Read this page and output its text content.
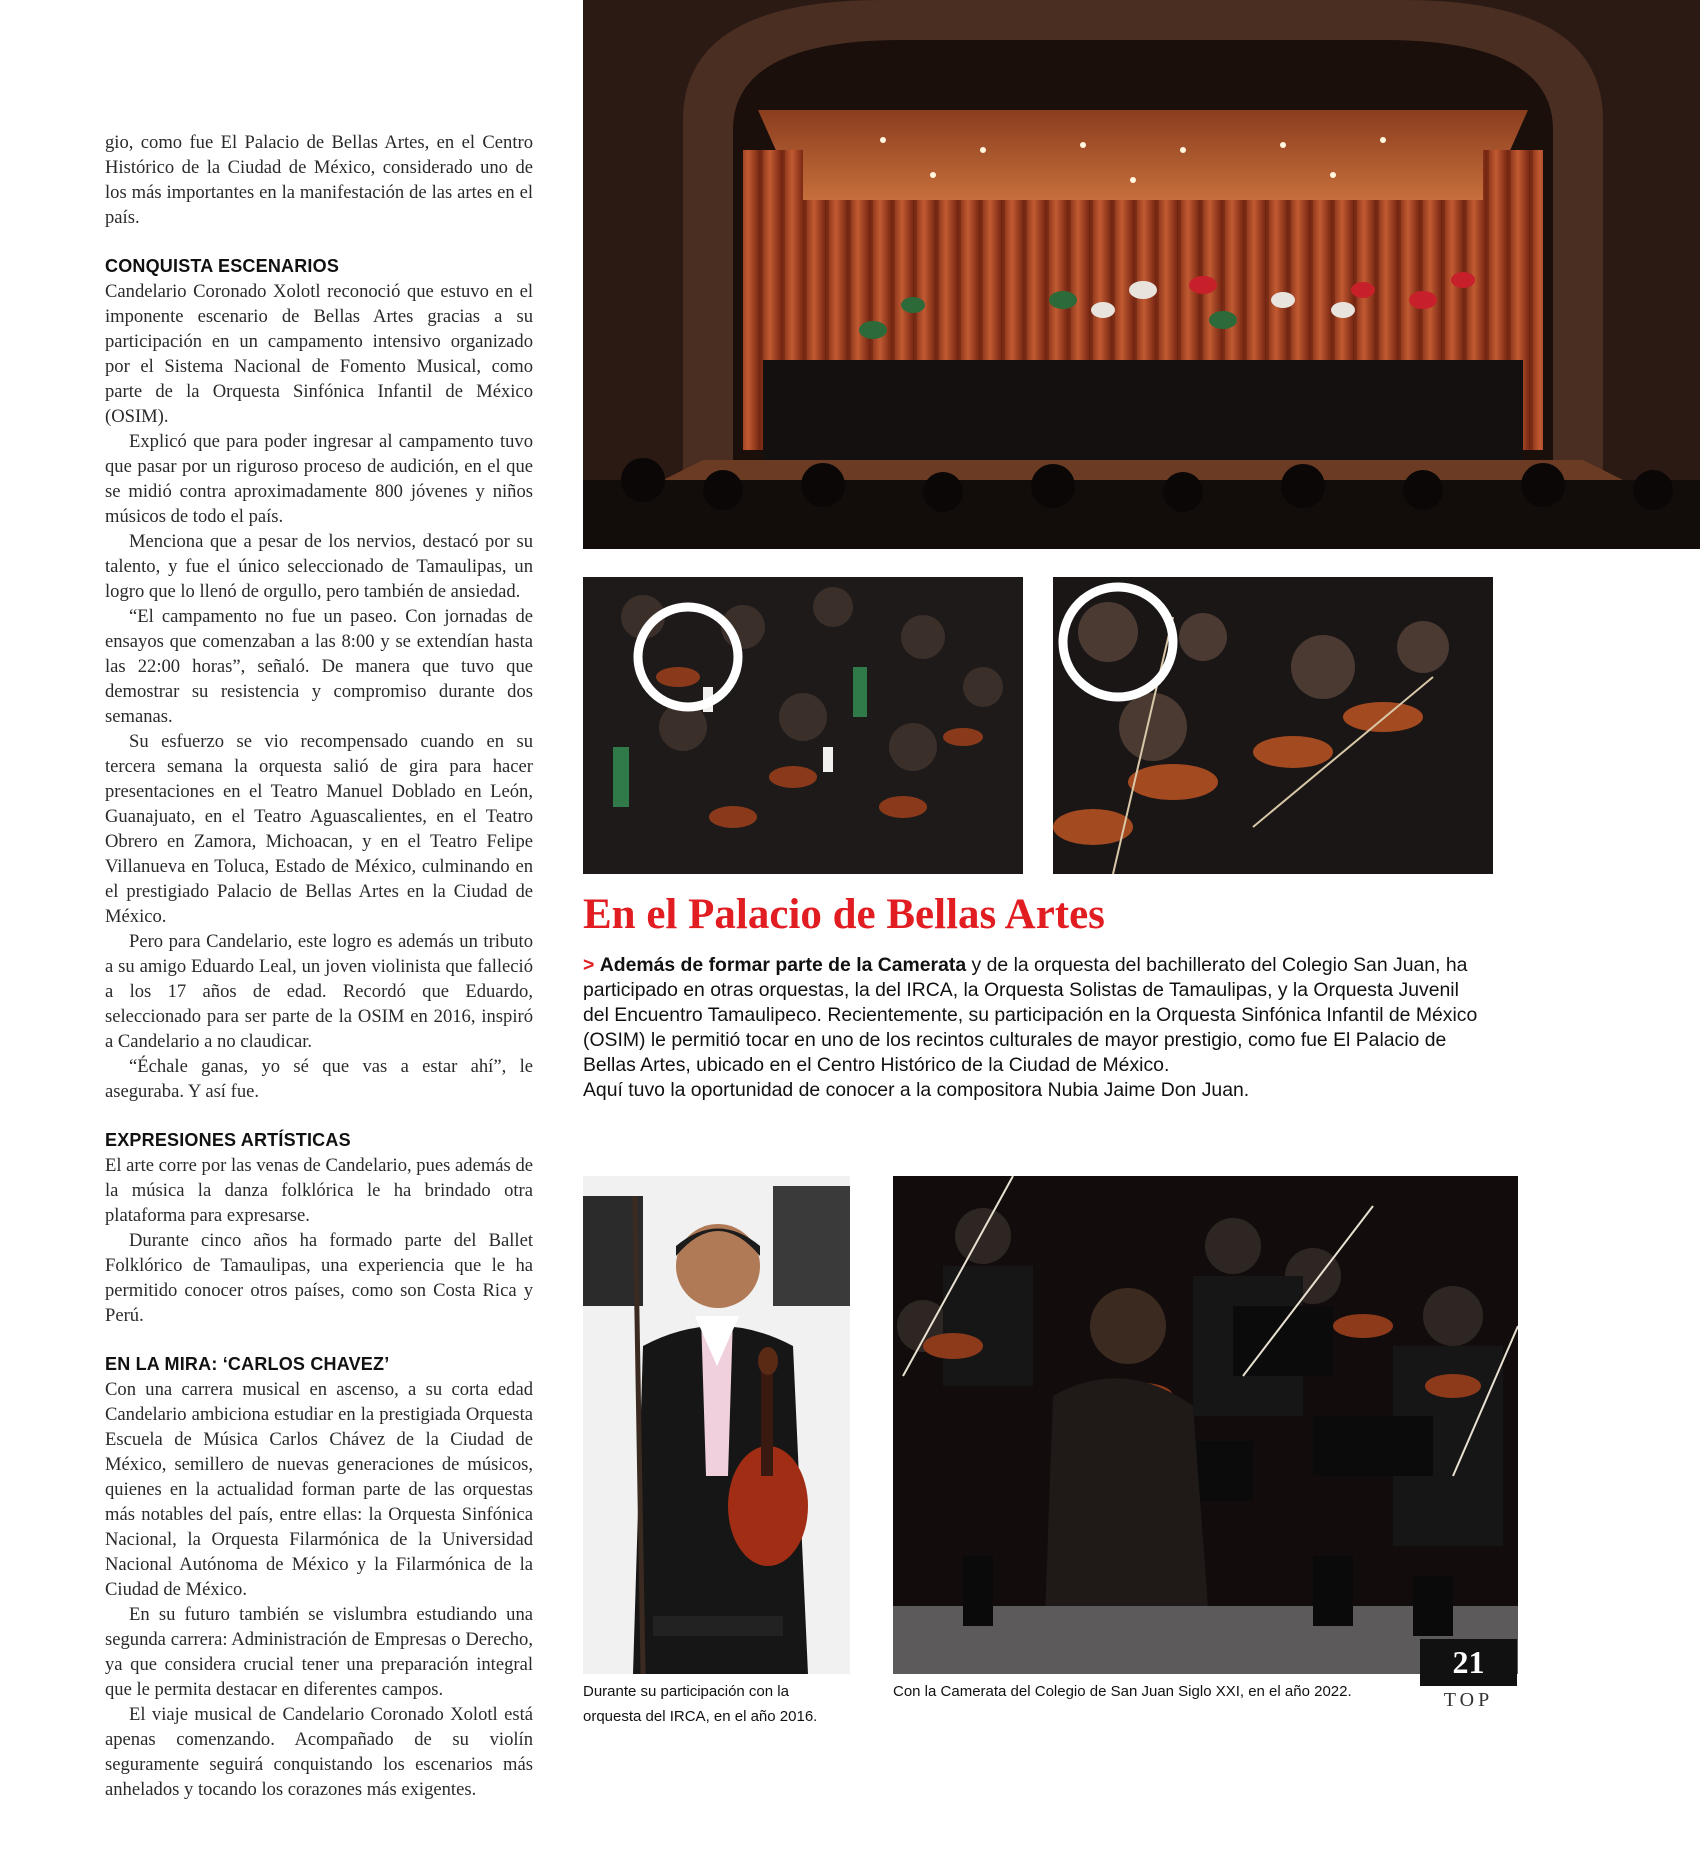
gio, como fue El Palacio de Bellas Artes, en el Centro Histórico de la Ciudad de México, considerado uno de los más importantes en la manifestación de las artes en el país.

CONQUISTA ESCENARIOS

Candelario Coronado Xolotl reconoció que estuvo en el imponente escenario de Bellas Artes gracias a su participación en un campamento intensivo organizado por el Sistema Nacional de Fomento Musical, como parte de la Orquesta Sinfónica Infantil de México (OSIM).

Explicó que para poder ingresar al campamento tuvo que pasar por un riguroso proceso de audición, en el que se midió contra aproximadamente 800 jóvenes y niños músicos de todo el país.

Menciona que a pesar de los nervios, destacó por su talento, y fue el único seleccionado de Tamaulipas, un logro que lo llenó de orgullo, pero también de ansiedad.

“El campamento no fue un paseo. Con jornadas de ensayos que comenzaban a las 8:00 y se extendían hasta las 22:00 horas”, señaló. De manera que tuvo que demostrar su resistencia y compromiso durante dos semanas.

Su esfuerzo se vio recompensado cuando en su tercera semana la orquesta salió de gira para hacer presentaciones en el Teatro Manuel Doblado en León, Guanajuato, en el Teatro Aguascalientes, en el Teatro Obrero en Zamora, Michoacan, y en el Teatro Felipe Villanueva en Toluca, Estado de México, culminando en el prestigiado Palacio de Bellas Artes en la Ciudad de México.

Pero para Candelario, este logro es además un tributo a su amigo Eduardo Leal, un joven violinista que falleció a los 17 años de edad. Recordó que Eduardo, seleccionado para ser parte de la OSIM en 2016, inspiró a Candelario a no claudicar.

“Échale ganas, yo sé que vas a estar ahí”, le aseguraba. Y así fue.

EXPRESIONES ARTÍSTICAS

El arte corre por las venas de Candelario, pues además de la música la danza folklórica le ha brindado otra plataforma para expresarse.

Durante cinco años ha formado parte del Ballet Folklórico de Tamaulipas, una experiencia que le ha permitido conocer otros países, como son Costa Rica y Perú.

EN LA MIRA: ‘CARLOS CHAVEZ’

Con una carrera musical en ascenso, a su corta edad Candelario ambiciona estudiar en la prestigiada Orquesta Escuela de Música Carlos Chávez de la Ciudad de México, semillero de nuevas generaciones de músicos, quienes en la actualidad forman parte de las orquestas más notables del país, entre ellas: la Orquesta Sinfónica Nacional, la Orquesta Filarmónica de la Universidad Nacional Autónoma de México y la Filarmónica de la Ciudad de México.

En su futuro también se vislumbra estudiando una segunda carrera: Administración de Empresas o Derecho, ya que considera crucial tener una preparación integral que le permita destacar en diferentes campos.

El viaje musical de Candelario Coronado Xolotl está apenas comenzando. Acompañado de su violín seguramente seguirá conquistando los escenarios más anhelados y tocando los corazones más exigentes.

En el Palacio de Bellas Artes

> Además de formar parte de la Camerata y de la orquesta del bachillerato del Colegio San Juan, ha participado en otras orquestas, la del IRCA, la Orquesta Solistas de Tamaulipas, y la Orquesta Juvenil del Encuentro Tamaulipeco. Recientemente, su participación en la Orquesta Sinfónica Infantil de México (OSIM) le permitió tocar en uno de los recintos culturales de mayor prestigio, como fue El Palacio de Bellas Artes, ubicado en el Centro Histórico de la Ciudad de México.
Aquí tuvo la oportunidad de conocer a la compositora Nubia Jaime Don Juan.

Durante su participación con la orquesta del IRCA, en el año 2016.
Con la Camerata del Colegio de San Juan Siglo XXI, en el año 2022.
21
TOP
